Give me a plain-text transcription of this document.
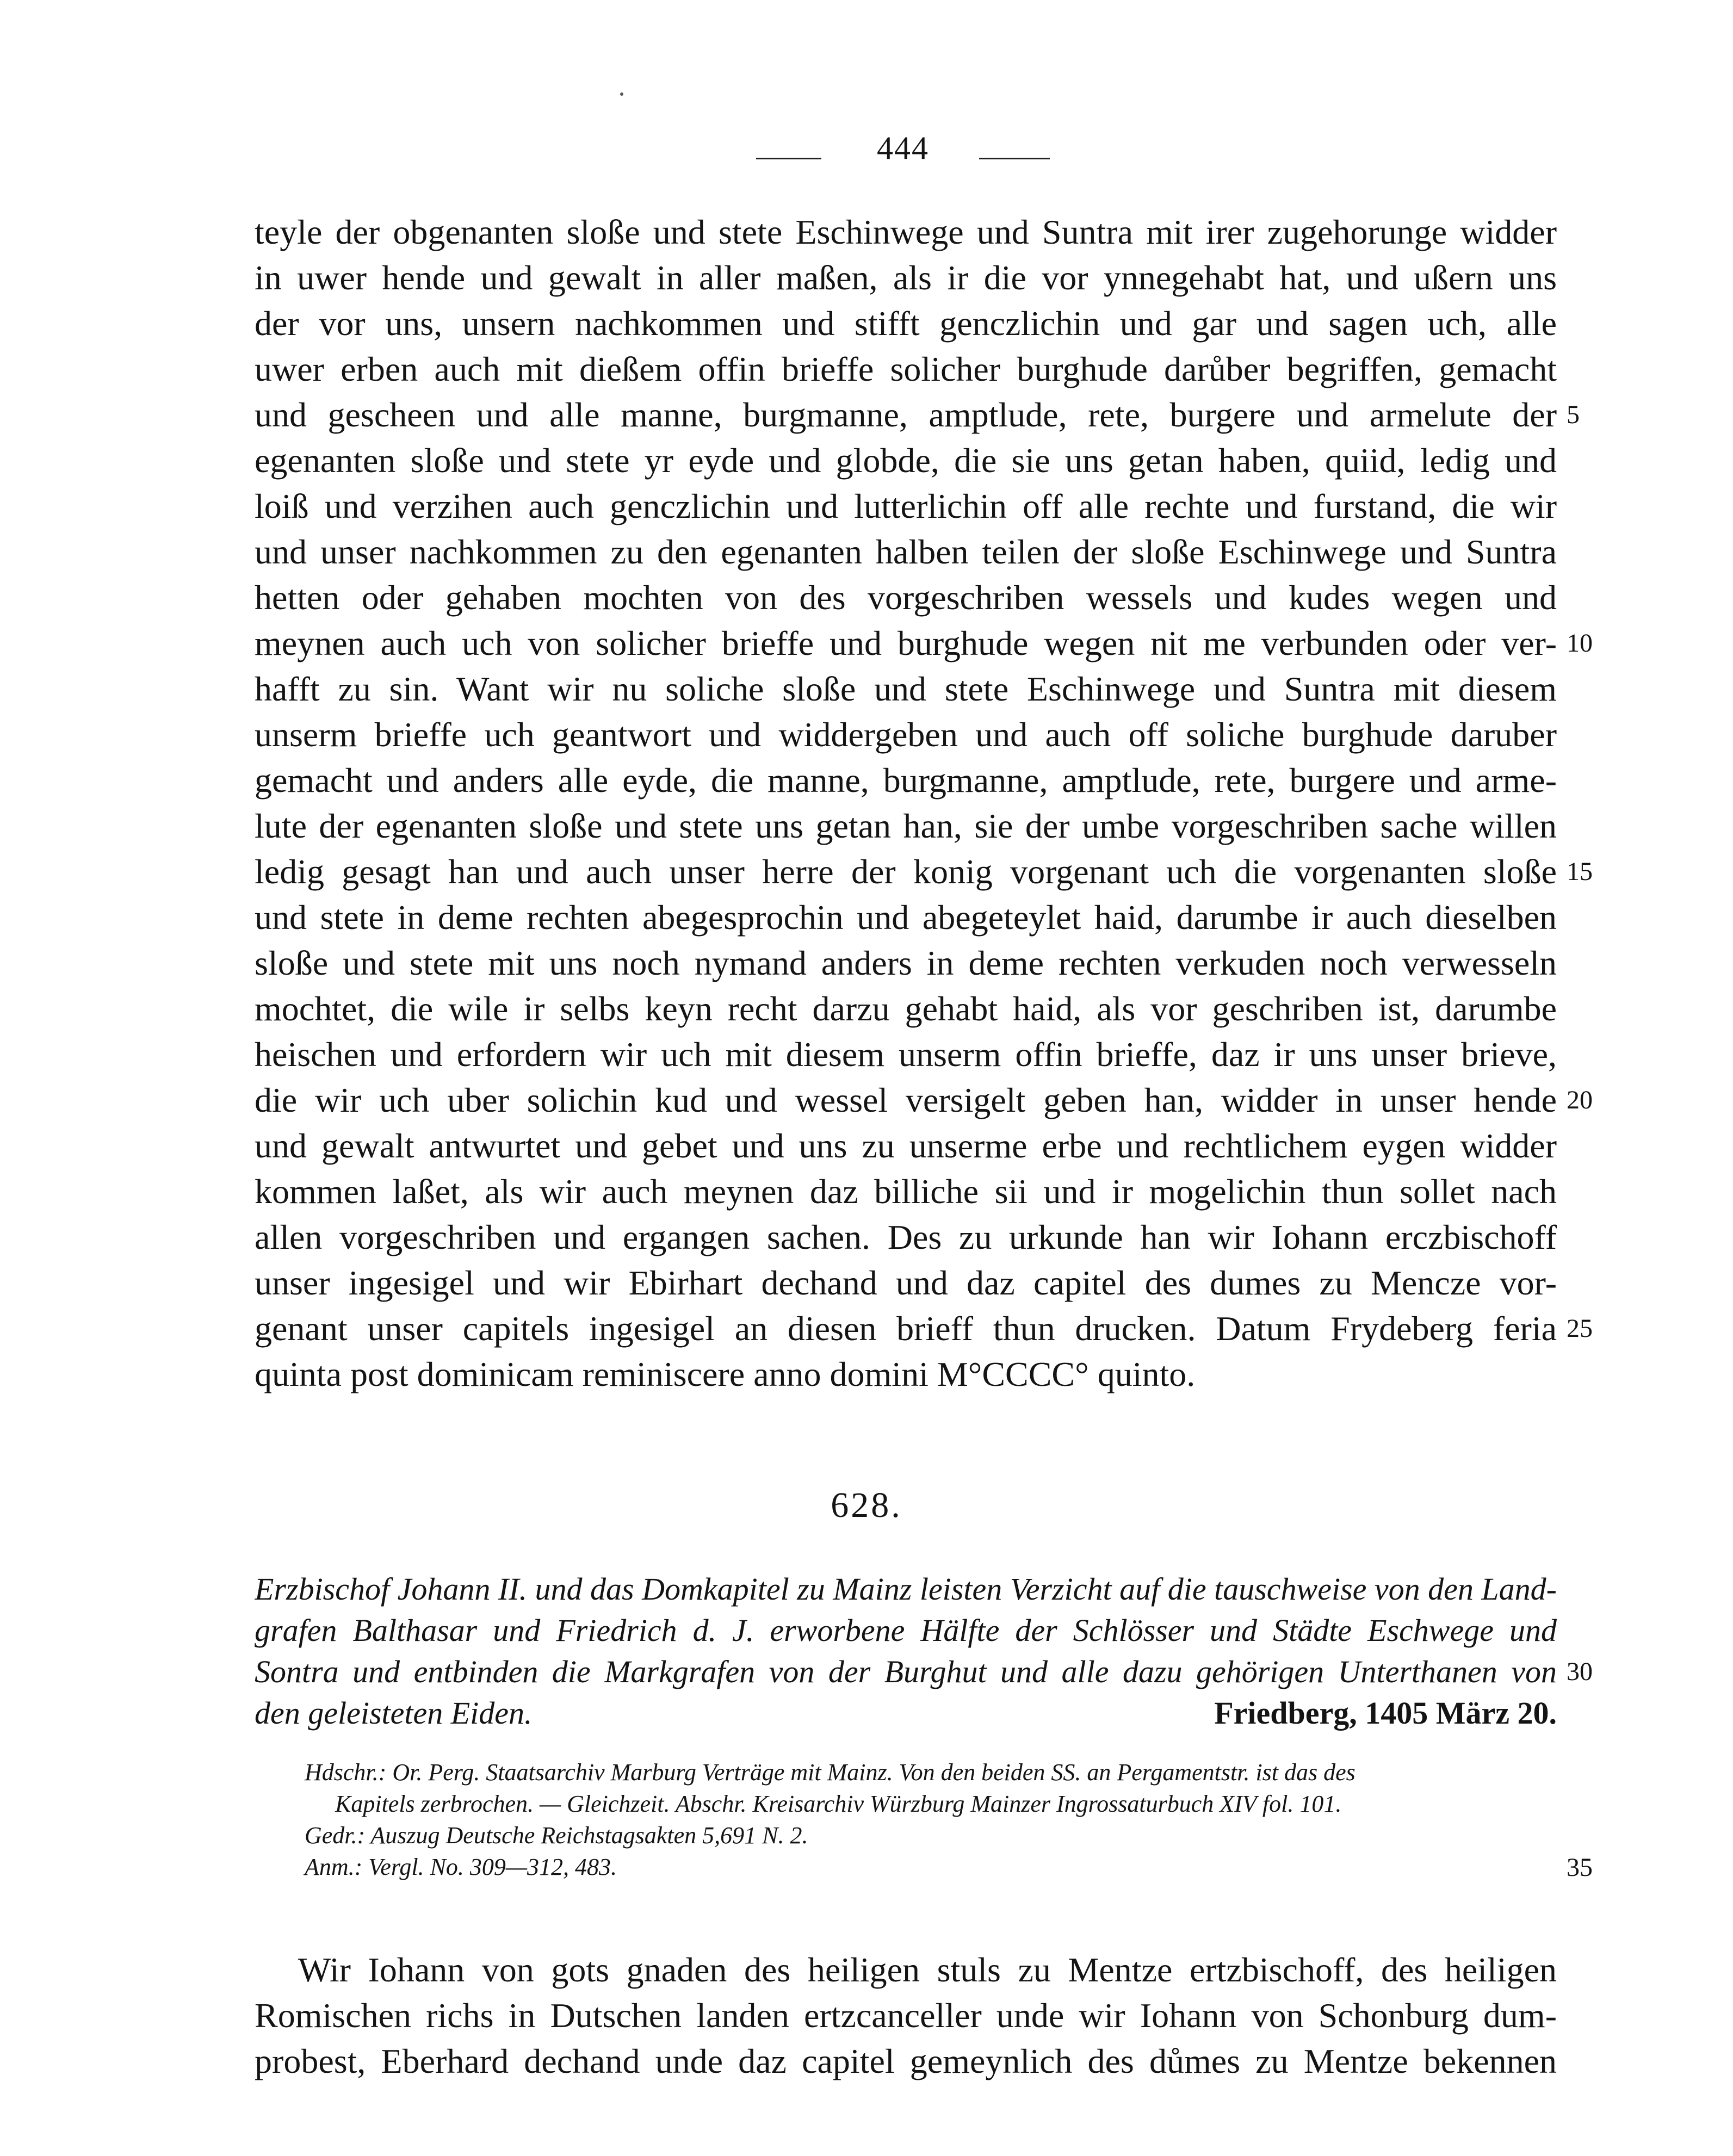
444
teyle der obgenanten sloße und stete Eschinwege und Suntra mit irer zugehorunge widder
in uwer hende und gewalt in aller maßen, als ir die vor ynnegehabt hat, und ußern uns
der vor uns, unsern nachkommen und stifft genczlichin und gar und sagen uch, alle
uwer erben auch mit dießem offin brieffe solicher burghude darůber begriffen, gemacht
und gescheen und alle manne, burgmanne, amptlude, rete, burgere und armelute der
egenanten sloße und stete yr eyde und globde, die sie uns getan haben, quiid, ledig und
loiß und verzihen auch genczlichin und lutterlichin off alle rechte und furstand, die wir
und unser nachkommen zu den egenanten halben teilen der sloße Eschinwege und Suntra
hetten oder gehaben mochten von des vorgeschriben wessels und kudes wegen und
meynen auch uch von solicher brieffe und burghude wegen nit me verbunden oder ver-
hafft zu sin. Want wir nu soliche sloße und stete Eschinwege und Suntra mit diesem
unserm brieffe uch geantwort und widdergeben und auch off soliche burghude daruber
gemacht und anders alle eyde, die manne, burgmanne, amptlude, rete, burgere und arme-
lute der egenanten sloße und stete uns getan han, sie der umbe vorgeschriben sache willen
ledig gesagt han und auch unser herre der konig vorgenant uch die vorgenanten sloße
und stete in deme rechten abegesprochin und abegeteylet haid, darumbe ir auch dieselben
sloße und stete mit uns noch nymand anders in deme rechten verkuden noch verwesseln
mochtet, die wile ir selbs keyn recht darzu gehabt haid, als vor geschriben ist, darumbe
heischen und erfordern wir uch mit diesem unserm offin brieffe, daz ir uns unser brieve,
die wir uch uber solichin kud und wessel versigelt geben han, widder in unser hende
und gewalt antwurtet und gebet und uns zu unserme erbe und rechtlichem eygen widder
kommen laßet, als wir auch meynen daz billiche sii und ir mogelichin thun sollet nach
allen vorgeschriben und ergangen sachen. Des zu urkunde han wir Iohann erczbischoff
unser ingesigel und wir Ebirhart dechand und daz capitel des dumes zu Mencze vor-
genant unser capitels ingesigel an diesen brieff thun drucken. Datum Frydeberg feria
quinta post dominicam reminiscere anno domini M°CCCC° quinto.
5
10
15
20
25
628.
Erzbischof Johann II. und das Domkapitel zu Mainz leisten Verzicht auf die tauschweise von den Land-
grafen Balthasar und Friedrich d. J. erworbene Hälfte der Schlösser und Städte Eschwege und
Sontra und entbinden die Markgrafen von der Burghut und alle dazu gehörigen Unterthanen von
den geleisteten Eiden.	Friedberg, 1405 März 20.
30
Hdschr.: Or. Perg. Staatsarchiv Marburg Verträge mit Mainz. Von den beiden SS. an Pergamentstr. ist das des
Kapitels zerbrochen. — Gleichzeit. Abschr. Kreisarchiv Würzburg Mainzer Ingrossaturbuch XIV fol. 101.
Gedr.: Auszug Deutsche Reichstagsakten 5,691 N. 2.
Anm.: Vergl. No. 309—312, 483.	35
Wir Iohann von gots gnaden des heiligen stuls zu Mentze ertzbischoff, des heiligen
Romischen richs in Dutschen landen ertzcanceller unde wir Iohann von Schonburg dum-
probest, Eberhard dechand unde daz capitel gemeynlich des důmes zu Mentze bekennen
